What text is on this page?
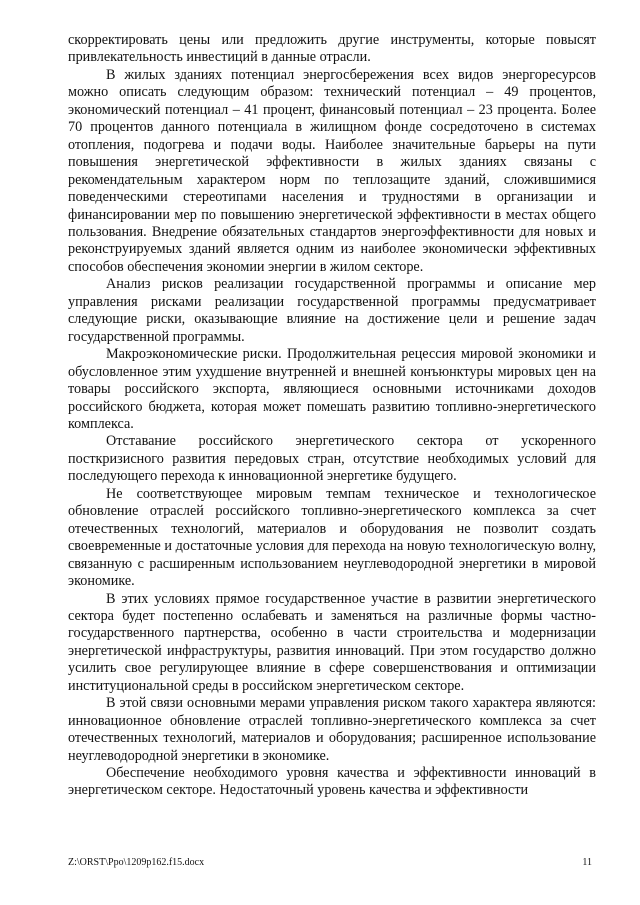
скорректировать цены или предложить другие инструменты, которые повысят привлекательность инвестиций в данные отрасли.

В жилых зданиях потенциал энергосбережения всех видов энергоресурсов можно описать следующим образом: технический потенциал – 49 процентов, экономический потенциал – 41 процент, финансовый потенциал – 23 процента. Более 70 процентов данного потенциала в жилищном фонде сосредоточено в системах отопления, подогрева и подачи воды. Наиболее значительные барьеры на пути повышения энергетической эффективности в жилых зданиях связаны с рекомендательным характером норм по теплозащите зданий, сложившимися поведенческими стереотипами населения и трудностями в организации и финансировании мер по повышению энергетической эффективности в местах общего пользования. Внедрение обязательных стандартов энергоэффективности для новых и реконструируемых зданий является одним из наиболее экономически эффективных способов обеспечения экономии энергии в жилом секторе.

Анализ рисков реализации государственной программы и описание мер управления рисками реализации государственной программы предусматривает следующие риски, оказывающие влияние на достижение цели и решение задач государственной программы.

Макроэкономические риски. Продолжительная рецессия мировой экономики и обусловленное этим ухудшение внутренней и внешней конъюнктуры мировых цен на товары российского экспорта, являющиеся основными источниками доходов российского бюджета, которая может помешать развитию топливно-энергетического комплекса.

Отставание российского энергетического сектора от ускоренного посткризисного развития передовых стран, отсутствие необходимых условий для последующего перехода к инновационной энергетике будущего.

Не соответствующее мировым темпам техническое и технологическое обновление отраслей российского топливно-энергетического комплекса за счет отечественных технологий, материалов и оборудования не позволит создать своевременные и достаточные условия для перехода на новую технологическую волну, связанную с расширенным использованием неуглеводородной энергетики в мировой экономике.

В этих условиях прямое государственное участие в развитии энергетического сектора будет постепенно ослабевать и заменяться на различные формы частно-государственного партнерства, особенно в части строительства и модернизации энергетической инфраструктуры, развития инноваций. При этом государство должно усилить свое регулирующее влияние в сфере совершенствования и оптимизации институциональной среды в российском энергетическом секторе.

В этой связи основными мерами управления риском такого характера являются: инновационное обновление отраслей топливно-энергетического комплекса за счет отечественных технологий, материалов и оборудования; расширенное использование неуглеводородной энергетики в экономике.

Обеспечение необходимого уровня качества и эффективности инноваций в энергетическом секторе. Недостаточный уровень качества и эффективности

Z:\ORST\Ppo\1209p162.f15.docx	11
